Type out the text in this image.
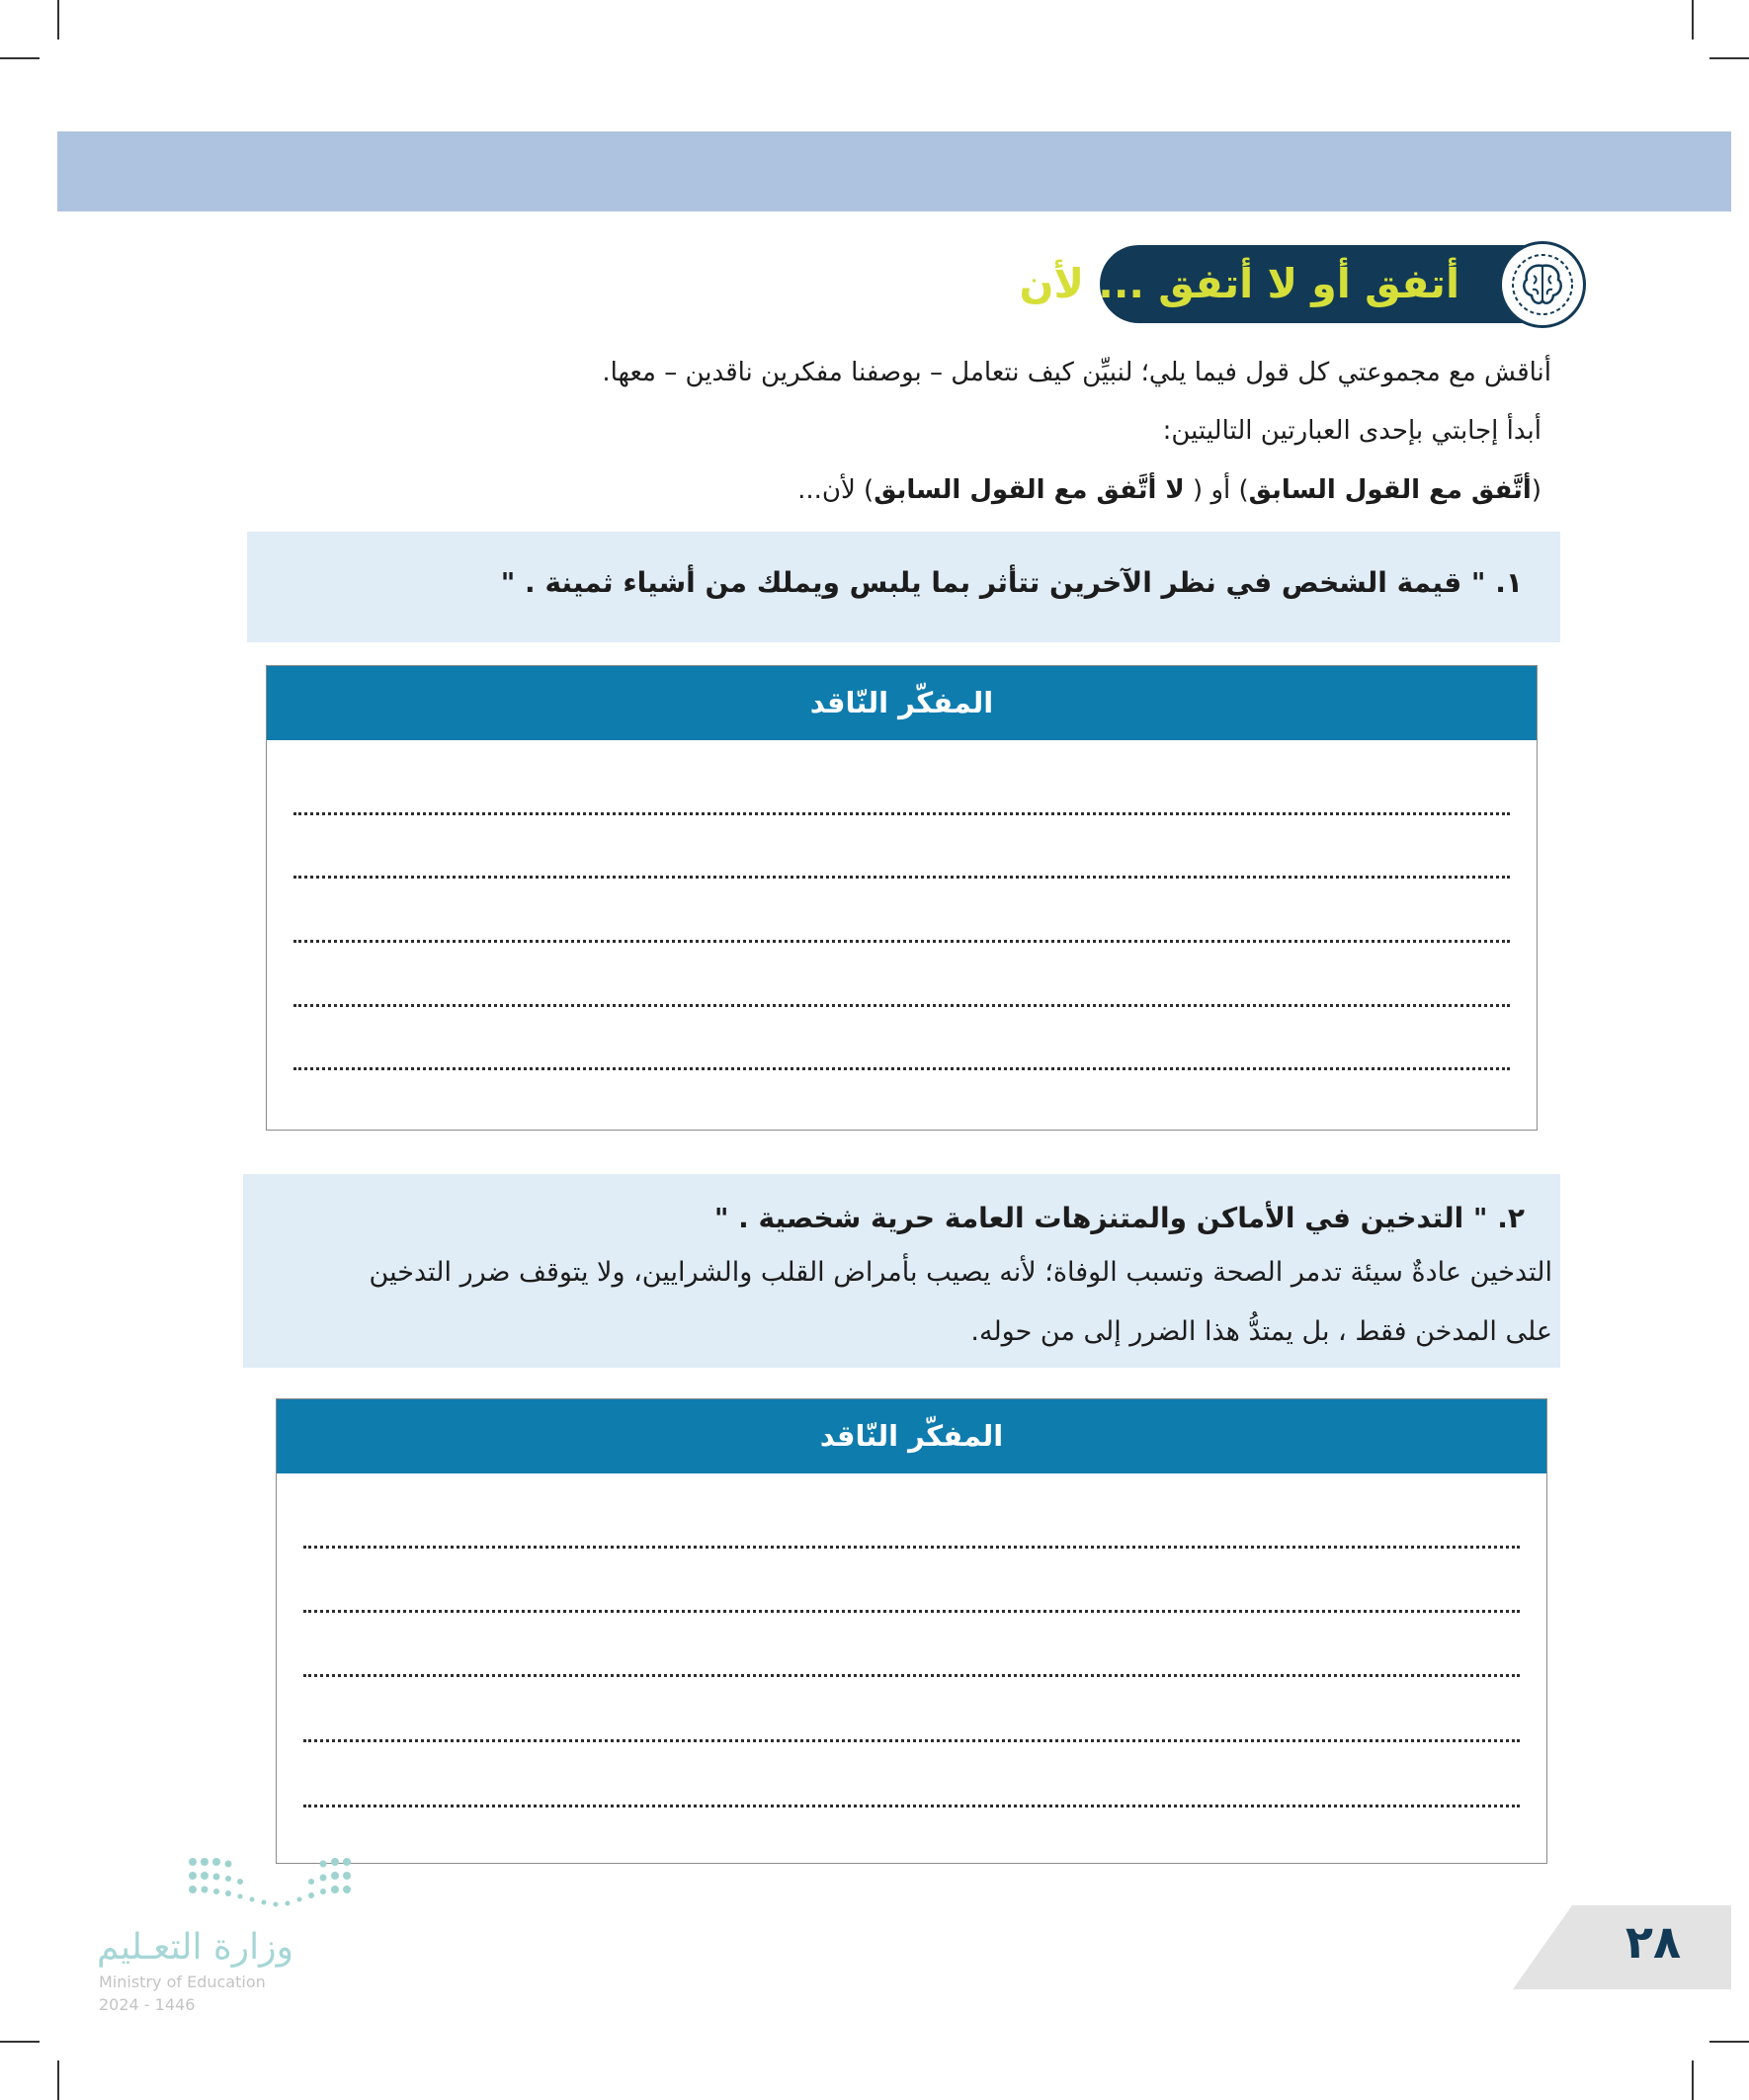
أتفق أو لا أتفق ... لأن
أناقش مع مجموعتي كل قول فيما يلي؛ لنبيِّن كيف نتعامل – بوصفنا مفكرين ناقدين – معها.
أبدأ إجابتي بإحدى العبارتين التاليتين:
(أتَّفق مع القول السابق) أو ( لا أتَّفق مع القول السابق) لأن...
١. " قيمة الشخص في نظر الآخرين تتأثر بما يلبس ويملك من أشياء ثمينة . "
المفكّر النّاقد
٢. " التدخين في الأماكن والمتنزهات العامة حرية شخصية . "
التدخين عادةٌ سيئة تدمر الصحة وتسبب الوفاة؛ لأنه يصيب بأمراض القلب والشرايين، ولا يتوقف ضرر التدخين
على المدخن فقط ، بل يمتدُّ هذا الضرر إلى من حوله.
المفكّر النّاقد
وزارة التعـليم
Ministry of Education
2024 - 1446
٢٨
